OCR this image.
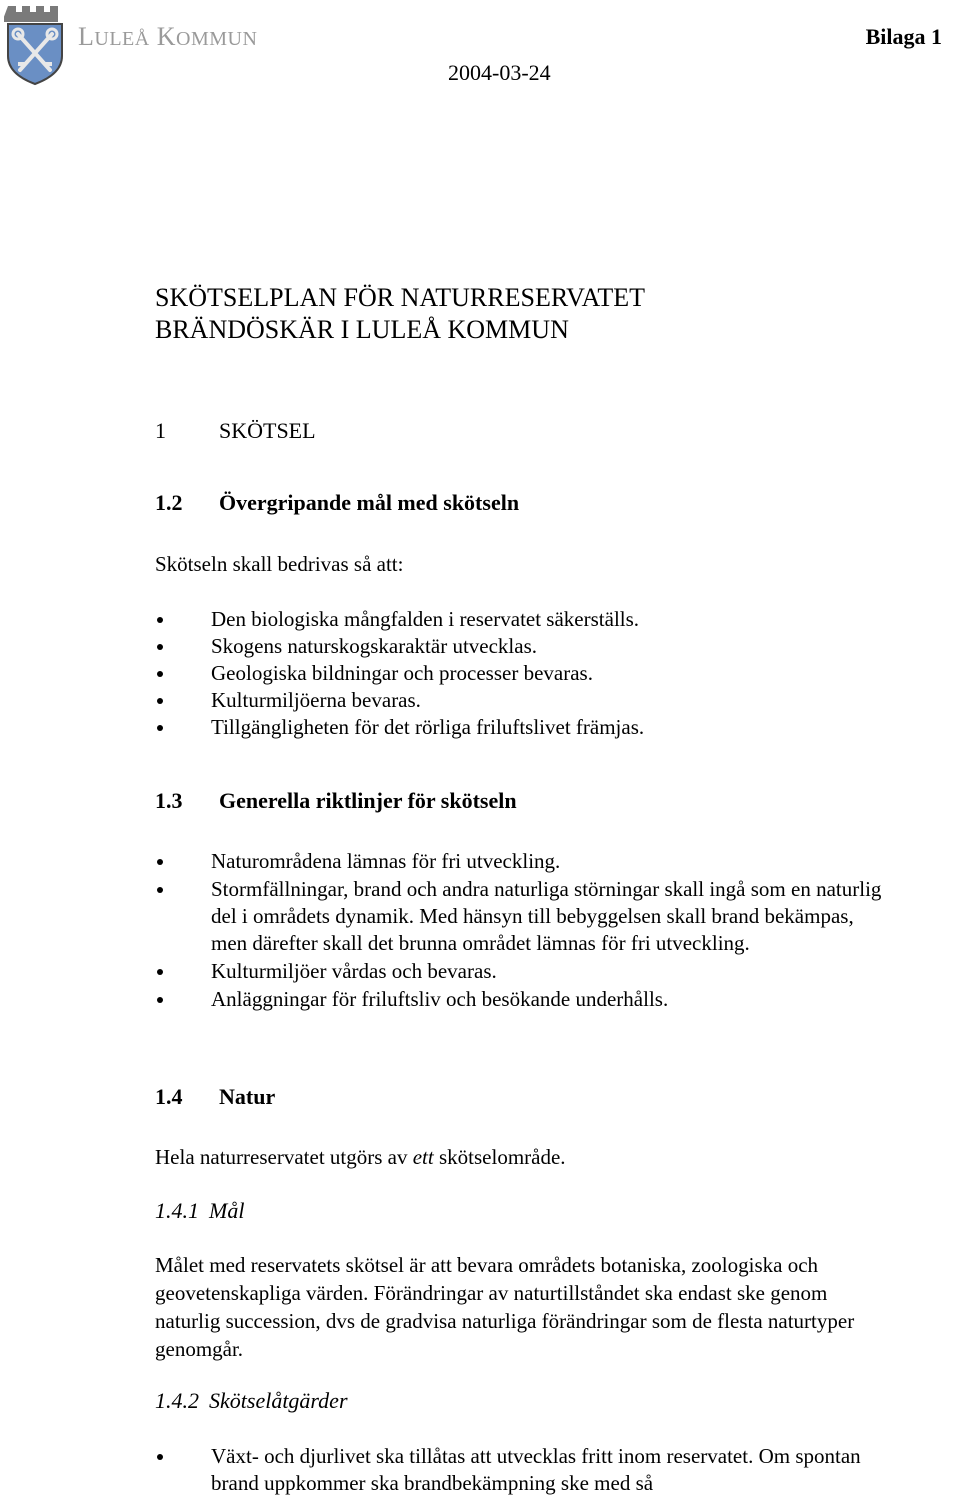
LULEÅ KOMMUN	Bilaga 1
2004-03-24
SKÖTSELPLAN FÖR NATURRESERVATET
BRÄNDÖSKÄR I LULEÅ KOMMUN
1 SKÖTSEL
1.2 Övergripande mål med skötseln
Skötseln skall bedrivas så att:
Den biologiska mångfalden i reservatet säkerställs.
Skogens naturskogskaraktär utvecklas.
Geologiska bildningar och processer bevaras.
Kulturmiljöerna bevaras.
Tillgängligheten för det rörliga friluftslivet främjas.
1.3 Generella riktlinjer för skötseln
Naturområdena lämnas för fri utveckling.
Stormfällningar, brand och andra naturliga störningar skall ingå som en naturlig del i områdets dynamik. Med hänsyn till bebyggelsen skall brand bekämpas, men därefter skall det brunna området lämnas för fri utveckling.
Kulturmiljöer vårdas och bevaras.
Anläggningar för friluftsliv och besökande underhålls.
1.4 Natur
Hela naturreservatet utgörs av ett skötselområde.
1.4.1 Mål
Målet med reservatets skötsel är att bevara områdets botaniska, zoologiska och geovetenskapliga värden. Förändringar av naturtillståndet ska endast ske genom naturlig succession, dvs de gradvisa naturliga förändringar som de flesta naturtyper genomgår.
1.4.2 Skötselåtgärder
Växt- och djurlivet ska tillåtas att utvecklas fritt inom reservatet. Om spontan brand uppkommer ska brandbekämpning ske med så
